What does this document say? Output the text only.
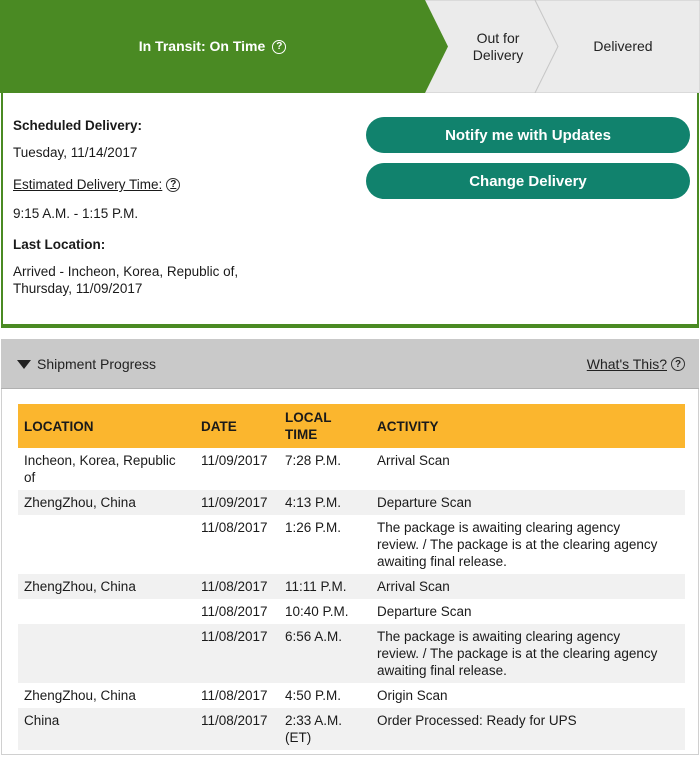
In Transit: On Time	?
Out for
Delivery
Delivered
Scheduled Delivery:
Tuesday, 11/14/2017
Estimated Delivery Time: ?
9:15 A.M. - 1:15 P.M.
Last Location:
Arrived - Incheon, Korea, Republic of,
Thursday, 11/09/2017
Notify me with Updates
Change Delivery
Shipment Progress	What's This? ?
LOCATION	DATE	LOCAL TIME	ACTIVITY
Incheon, Korea, Republic of	11/09/2017	7:28 P.M.	Arrival Scan
ZhengZhou, China	11/09/2017	4:13 P.M.	Departure Scan
	11/08/2017	1:26 P.M.	The package is awaiting clearing agency review. / The package is at the clearing agency awaiting final release.
ZhengZhou, China	11/08/2017	11:11 P.M.	Arrival Scan
	11/08/2017	10:40 P.M.	Departure Scan
	11/08/2017	6:56 A.M.	The package is awaiting clearing agency review. / The package is at the clearing agency awaiting final release.
ZhengZhou, China	11/08/2017	4:50 P.M.	Origin Scan
China	11/08/2017	2:33 A.M. (ET)	Order Processed: Ready for UPS
